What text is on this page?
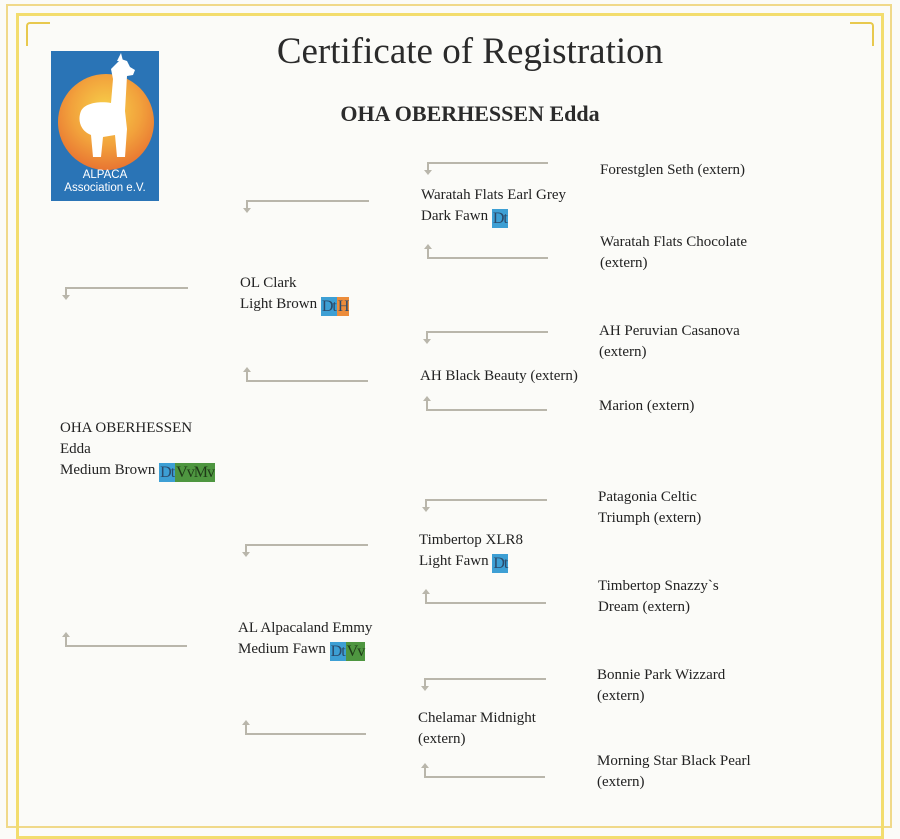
Certificate of Registration
OHA OBERHESSEN Edda
ALPACA
Association e.V.
OHA OBERHESSEN
Edda
Medium Brown Dt VvMv
OL Clark
Light Brown Dt H
AL Alpacaland Emmy
Medium Fawn Dt Vv
Waratah Flats Earl Grey
Dark Fawn Dt
AH Black Beauty (extern)
Timbertop XLR8
Light Fawn Dt
Chelamar Midnight
(extern)
Forestglen Seth (extern)
Waratah Flats Chocolate
(extern)
AH Peruvian Casanova
(extern)
Marion (extern)
Patagonia Celtic
Triumph (extern)
Timbertop Snazzy`s
Dream (extern)
Bonnie Park Wizzard
(extern)
Morning Star Black Pearl
(extern)
